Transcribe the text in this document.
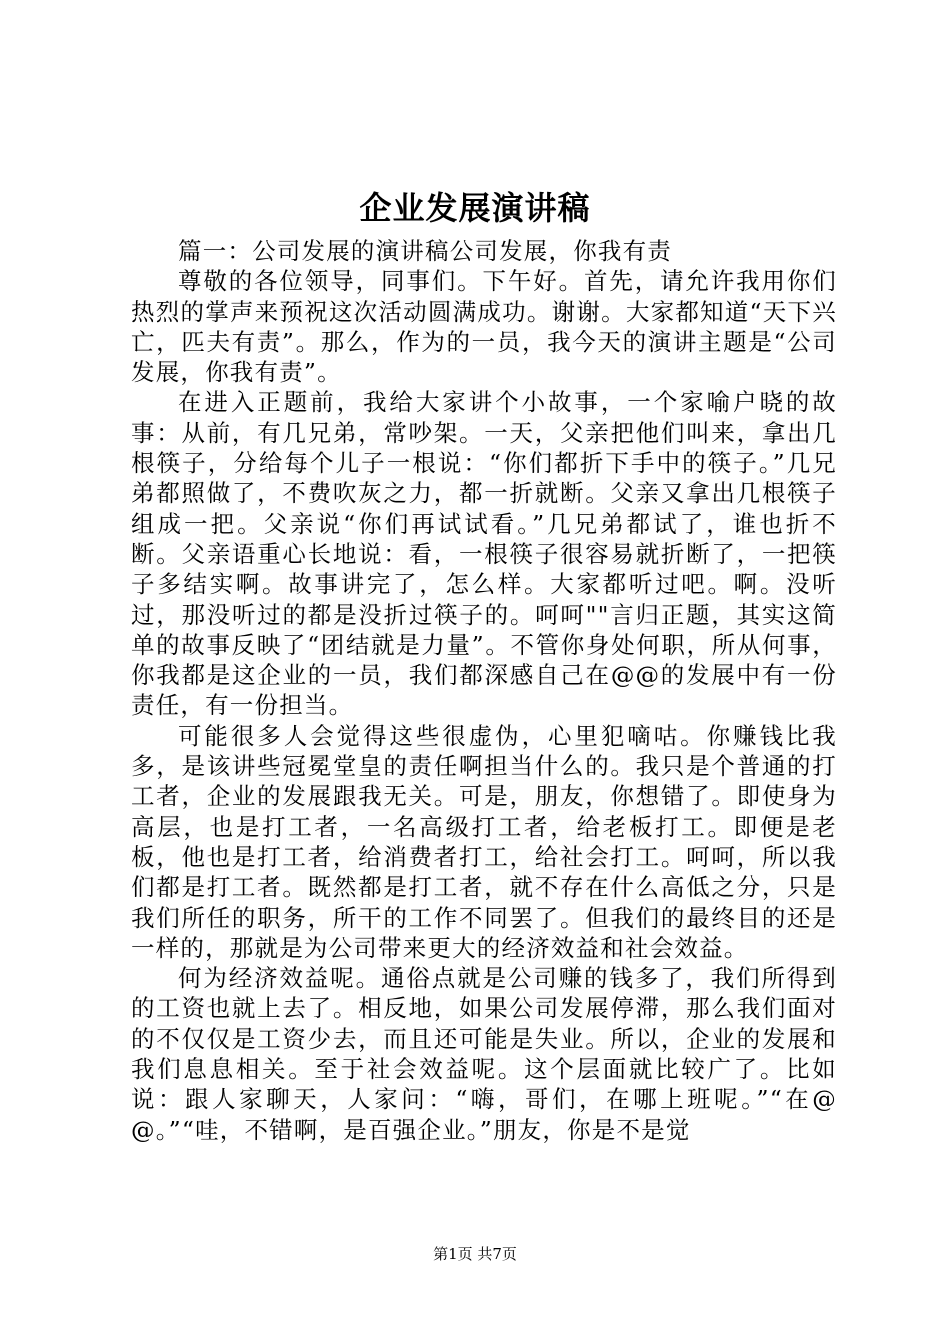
企业发展演讲稿

篇一：公司发展的演讲稿公司发展，你我有责

尊敬的各位领导，同事们。下午好。首先，请允许我用你们热烈的掌声来预祝这次活动圆满成功。谢谢。大家都知道“天下兴亡，匹夫有责”。那么，作为的一员，我今天的演讲主题是“公司发展，你我有责”。

在进入正题前，我给大家讲个小故事，一个家喻户晓的故事：从前，有几兄弟，常吵架。一天，父亲把他们叫来，拿出几根筷子，分给每个儿子一根说：“你们都折下手中的筷子。”几兄弟都照做了，不费吹灰之力，都一折就断。父亲又拿出几根筷子组成一把。父亲说“你们再试试看。”几兄弟都试了，谁也折不断。父亲语重心长地说：看，一根筷子很容易就折断了，一把筷子多结实啊。故事讲完了，怎么样。大家都听过吧。啊。没听过，那没听过的都是没折过筷子的。呵呵""言归正题，其实这简单的故事反映了“团结就是力量”。不管你身处何职，所从何事，你我都是这企业的一员，我们都深感自己在@@的发展中有一份责任，有一份担当。

可能很多人会觉得这些很虚伪，心里犯嘀咕。你赚钱比我多，是该讲些冠冕堂皇的责任啊担当什么的。我只是个普通的打工者，企业的发展跟我无关。可是，朋友，你想错了。即使身为高层，也是打工者，一名高级打工者，给老板打工。即便是老板，他也是打工者，给消费者打工，给社会打工。呵呵，所以我们都是打工者。既然都是打工者，就不存在什么高低之分，只是我们所任的职务，所干的工作不同罢了。但我们的最终目的还是一样的，那就是为公司带来更大的经济效益和社会效益。

何为经济效益呢。通俗点就是公司赚的钱多了，我们所得到的工资也就上去了。相反地，如果公司发展停滞，那么我们面对的不仅仅是工资少去，而且还可能是失业。所以，企业的发展和我们息息相关。至于社会效益呢。这个层面就比较广了。比如说：跟人家聊天，人家问：“嗨，哥们，在哪上班呢。”“在@@。”“哇，不错啊，是百强企业。”朋友，你是不是觉

第1页 共7页
